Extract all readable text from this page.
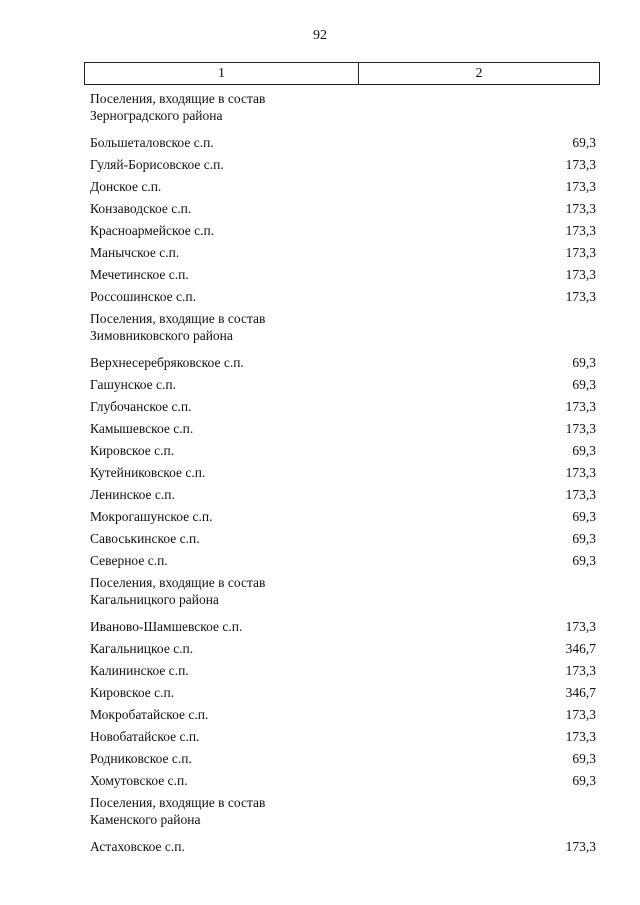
92
1	2
Поселения, входящие в состав
Зерноградского района
Большеталовское с.п.	69,3
Гуляй-Борисовское с.п.	173,3
Донское с.п.	173,3
Конзаводское с.п.	173,3
Красноармейское с.п.	173,3
Манычское с.п.	173,3
Мечетинское с.п.	173,3
Россошинское с.п.	173,3
Поселения, входящие в состав
Зимовниковского района
Верхнесеребряковское с.п.	69,3
Гашунское с.п.	69,3
Глубочанское с.п.	173,3
Камышевское с.п.	173,3
Кировское с.п.	69,3
Кутейниковское с.п.	173,3
Ленинское с.п.	173,3
Мокрогашунское с.п.	69,3
Савоськинское с.п.	69,3
Северное с.п.	69,3
Поселения, входящие в состав
Кагальницкого района
Иваново-Шамшевское с.п.	173,3
Кагальницкое с.п.	346,7
Калининское с.п.	173,3
Кировское с.п.	346,7
Мокробатайское с.п.	173,3
Новобатайское с.п.	173,3
Родниковское с.п.	69,3
Хомутовское с.п.	69,3
Поселения, входящие в состав
Каменского района
Астаховское с.п.	173,3
